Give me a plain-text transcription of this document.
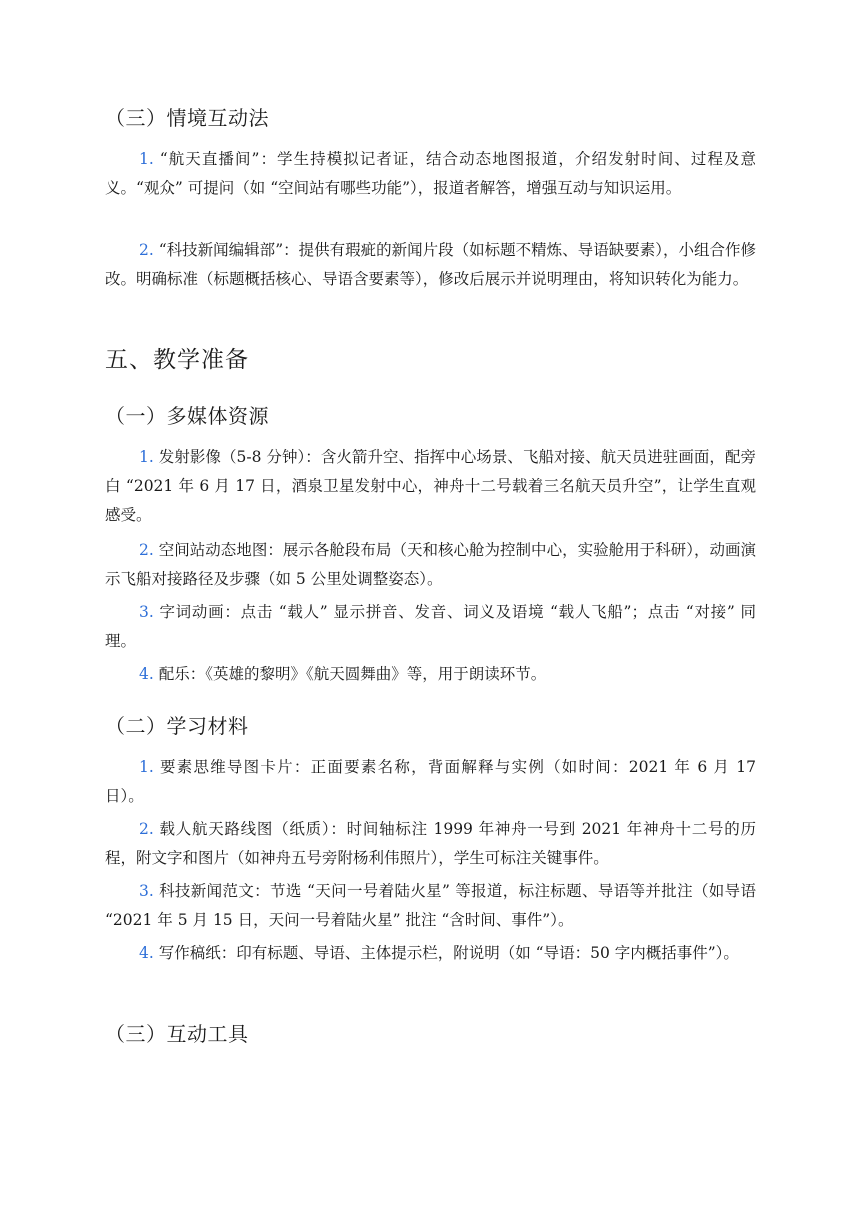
（三）情境互动法

1. “航天直播间”：学生持模拟记者证，结合动态地图报道，介绍发射时间、过程及意义。“观众” 可提问（如 “空间站有哪些功能”），报道者解答，增强互动与知识运用。

2. “科技新闻编辑部”：提供有瑕疵的新闻片段（如标题不精炼、导语缺要素），小组合作修改。明确标准（标题概括核心、导语含要素等），修改后展示并说明理由，将知识转化为能力。

五、教学准备
（一）多媒体资源

1. 发射影像（5-8 分钟）：含火箭升空、指挥中心场景、飞船对接、航天员进驻画面，配旁白 “2021 年 6 月 17 日，酒泉卫星发射中心，神舟十二号载着三名航天员升空”，让学生直观感受。

2. 空间站动态地图：展示各舱段布局（天和核心舱为控制中心，实验舱用于科研），动画演示飞船对接路径及步骤（如 5 公里处调整姿态）。

3. 字词动画：点击 “载人” 显示拼音、发音、词义及语境 “载人飞船”；点击 “对接” 同理。

4. 配乐：《英雄的黎明》《航天圆舞曲》等，用于朗读环节。

（二）学习材料

1. 要素思维导图卡片：正面要素名称，背面解释与实例（如时间：2021 年 6 月 17 日）。

2. 载人航天路线图（纸质）：时间轴标注 1999 年神舟一号到 2021 年神舟十二号的历程，附文字和图片（如神舟五号旁附杨利伟照片），学生可标注关键事件。

3. 科技新闻范文：节选 “天问一号着陆火星” 等报道，标注标题、导语等并批注（如导语 “2021 年 5 月 15 日，天问一号着陆火星” 批注 “含时间、事件”）。

4. 写作稿纸：印有标题、导语、主体提示栏，附说明（如 “导语：50 字内概括事件”）。

（三）互动工具
